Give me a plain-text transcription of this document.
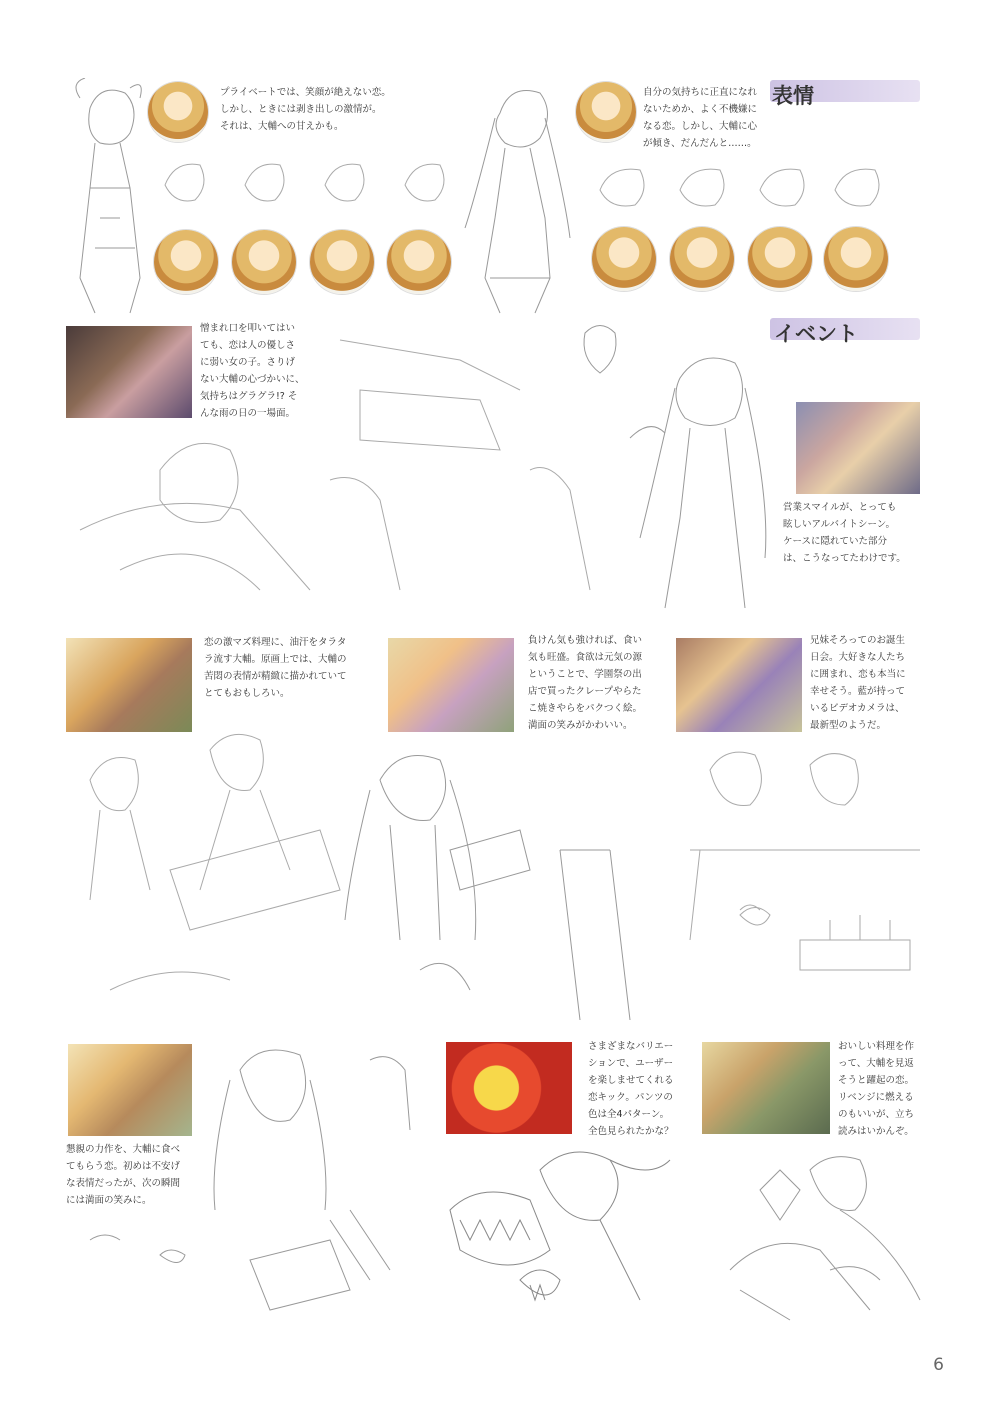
表情
イベント
プライベートでは、笑顔が絶えない恋。
しかし、ときには剥き出しの激情が。
それは、大輔への甘えかも。
自分の気持ちに正直になれ
ないためか、よく不機嫌に
なる恋。しかし、大輔に心
が傾き、だんだんと……。
憎まれ口を叩いてはい
ても、恋は人の優しさ
に弱い女の子。さりげ
ない大輔の心づかいに、
気持ちはグラグラ!? そ
んな雨の日の一場面。
営業スマイルが、とっても
眩しいアルバイトシーン。
ケースに隠れていた部分
は、こうなってたわけです。
恋の激マズ料理に、油汗をタラタ
ラ流す大輔。原画上では、大輔の
苦悶の表情が精緻に描かれていて
とてもおもしろい。
負けん気も強ければ、食い
気も旺盛。食欲は元気の源
ということで、学園祭の出
店で買ったクレープやらた
こ焼きやらをパクつく絵。
満面の笑みがかわいい。
兄妹そろってのお誕生
日会。大好きな人たち
に囲まれ、恋も本当に
幸せそう。藍が持って
いるビデオカメラは、
最新型のようだ。
懇親の力作を、大輔に食べ
てもらう恋。初めは不安げ
な表情だったが、次の瞬間
には満面の笑みに。
さまざまなバリエー
ションで、ユーザー
を楽しませてくれる
恋キック。パンツの
色は全4パターン。
全色見られたかな？
おいしい料理を作
って、大輔を見返
そうと躍起の恋。
リベンジに燃える
のもいいが、立ち
読みはいかんぞ。
6
